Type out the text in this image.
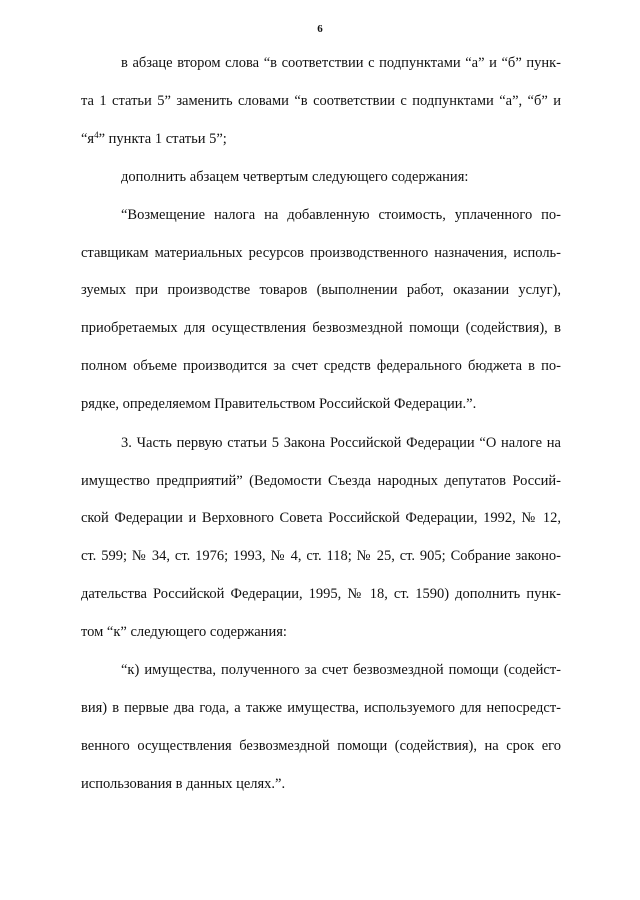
6
в абзаце втором слова “в соответствии с подпунктами “а” и “б” пунк-
та 1 статьи 5” заменить словами “в соответствии с подпунктами “а”, “б” и
“$я^4$” пункта 1 статьи 5”;
дополнить абзацем четвертым следующего содержания:
“Возмещение налога на добавленную стоимость, уплаченного по-
ставщикам материальных ресурсов производственного назначения, исполь-
зуемых при производстве товаров (выполнении работ, оказании услуг),
приобретаемых для осуществления безвозмездной помощи (содействия), в
полном объеме производится за счет средств федерального бюджета в по-
рядке, определяемом Правительством Российской Федерации.”.
3. Часть первую статьи 5 Закона Российской Федерации “О налоге на
имущество предприятий” (Ведомости Съезда народных депутатов Россий-
ской Федерации и Верховного Совета Российской Федерации, 1992, № 12,
ст. 599; № 34, ст. 1976; 1993, № 4, ст. 118; № 25, ст. 905; Собрание законо-
дательства Российской Федерации, 1995, № 18, ст. 1590) дополнить пунк-
том “к” следующего содержания:
“к) имущества, полученного за счет безвозмездной помощи (содейст-
вия) в первые два года, а также имущества, используемого для непосредст-
венного осуществления безвозмездной помощи (содействия), на срок его
использования в данных целях.”.
